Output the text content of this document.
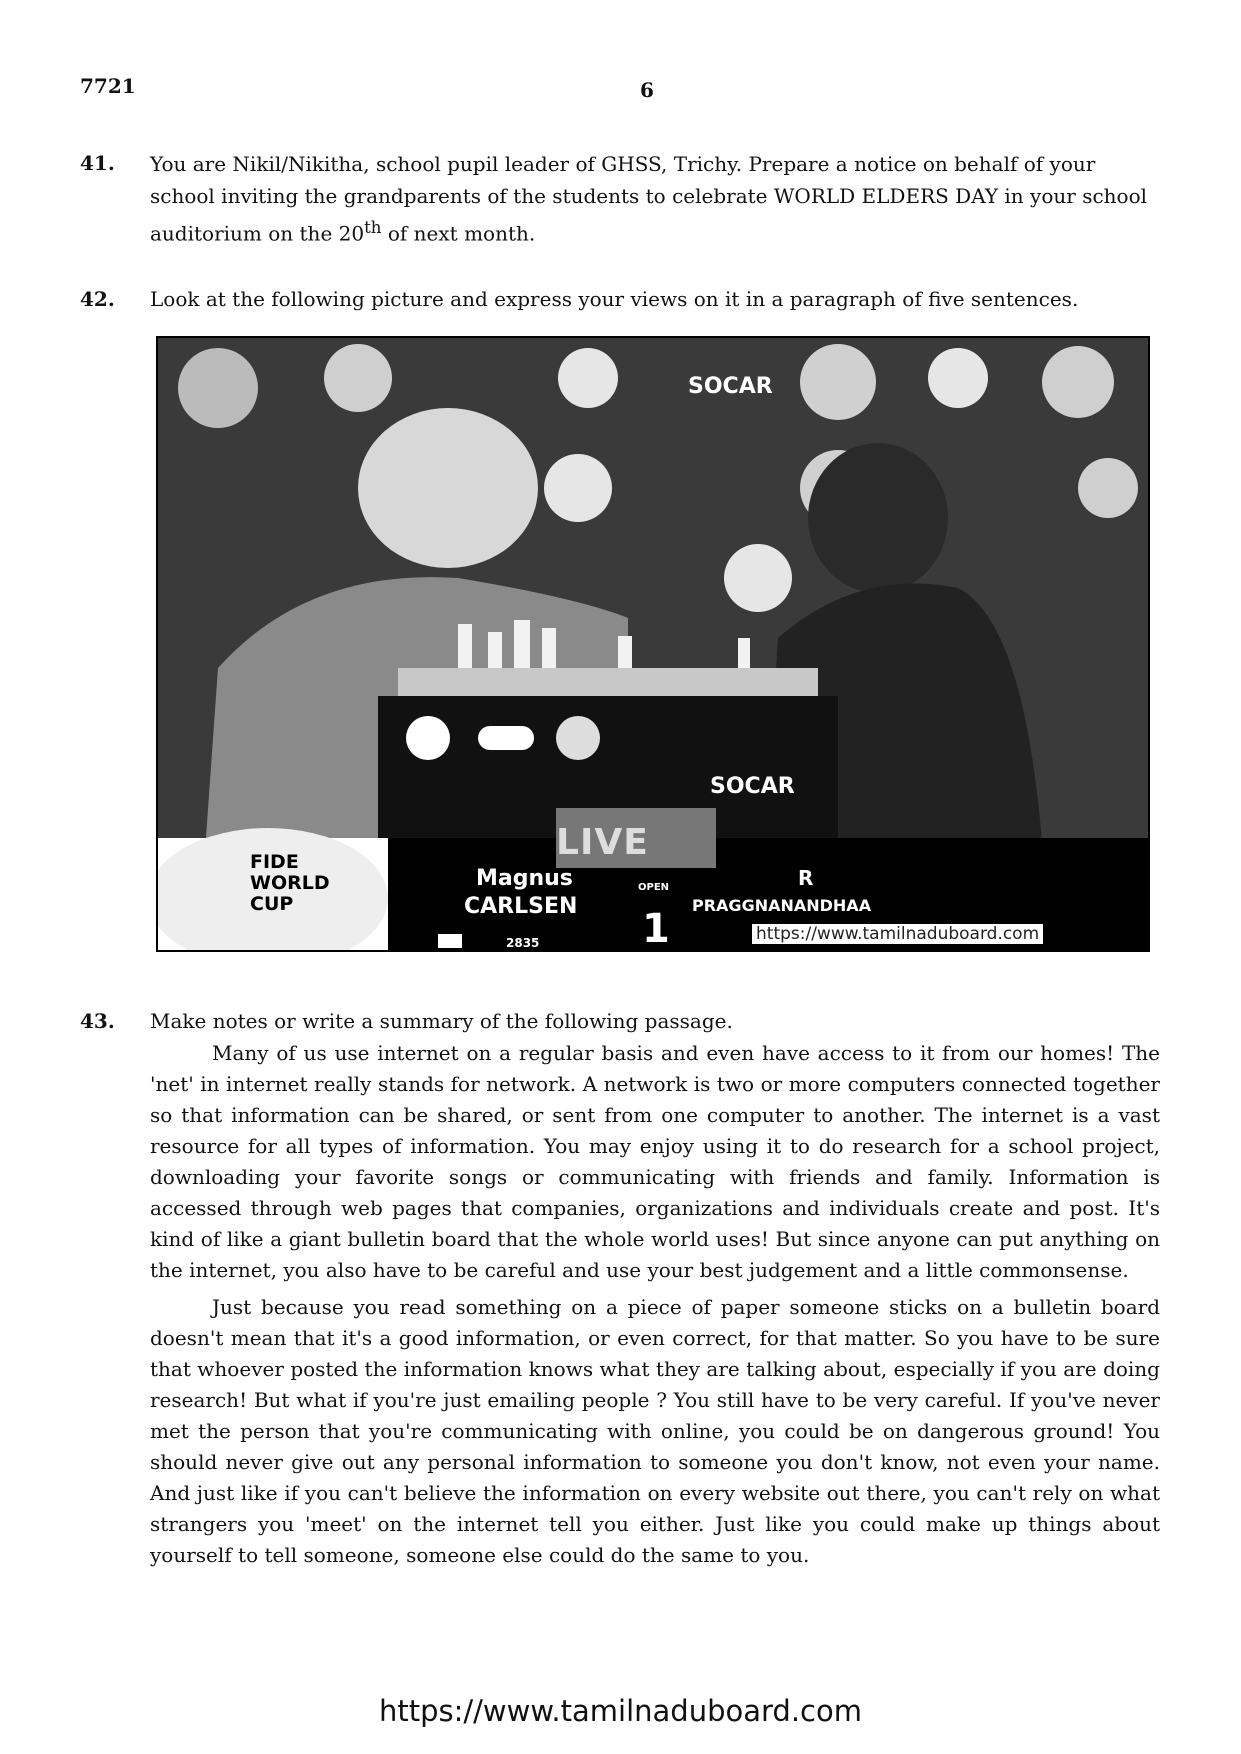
7721	6
41. You are Nikil/Nikitha, school pupil leader of GHSS, Trichy. Prepare a notice on behalf of your school inviting the grandparents of the students to celebrate WORLD ELDERS DAY in your school auditorium on the 20th of next month.
42. Look at the following picture and express your views on it in a paragraph of five sentences.
SOCAR
SOCAR
FIDE
WORLD
CUP
LIVE
Magnus
CARLSEN
2835
OPEN
1
R
PRAGGNANANDHAA
https://www.tamilnaduboard.com
43. Make notes or write a summary of the following passage.

Many of us use internet on a regular basis and even have access to it from our homes! The 'net' in internet really stands for network. A network is two or more computers connected together so that information can be shared, or sent from one computer to another. The internet is a vast resource for all types of information. You may enjoy using it to do research for a school project, downloading your favorite songs or communicating with friends and family. Information is accessed through web pages that companies, organizations and individuals create and post. It's kind of like a giant bulletin board that the whole world uses! But since anyone can put anything on the internet, you also have to be careful and use your best judgement and a little commonsense.

Just because you read something on a piece of paper someone sticks on a bulletin board doesn't mean that it's a good information, or even correct, for that matter. So you have to be sure that whoever posted the information knows what they are talking about, especially if you are doing research! But what if you're just emailing people ? You still have to be very careful. If you've never met the person that you're communicating with online, you could be on dangerous ground! You should never give out any personal information to someone you don't know, not even your name. And just like if you can't believe the information on every website out there, you can't rely on what strangers you 'meet' on the internet tell you either. Just like you could make up things about yourself to tell someone, someone else could do the same to you.

https://www.tamilnaduboard.com
